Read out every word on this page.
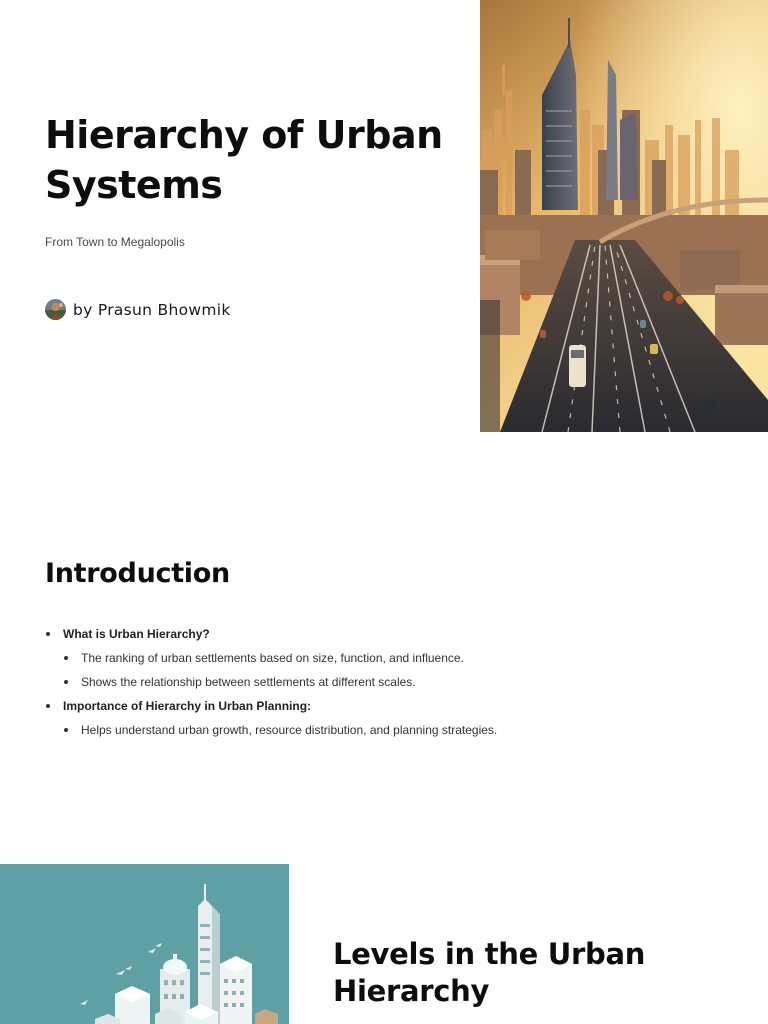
Hierarchy of Urban Systems

From Town to Megalopolis

by Prasun Bhowmik
Introduction
What is Urban Hierarchy?
The ranking of urban settlements based on size, function, and influence.
Shows the relationship between settlements at different scales.
Importance of Hierarchy in Urban Planning:
Helps understand urban growth, resource distribution, and planning strategies.
Levels in the Urban Hierarchy
